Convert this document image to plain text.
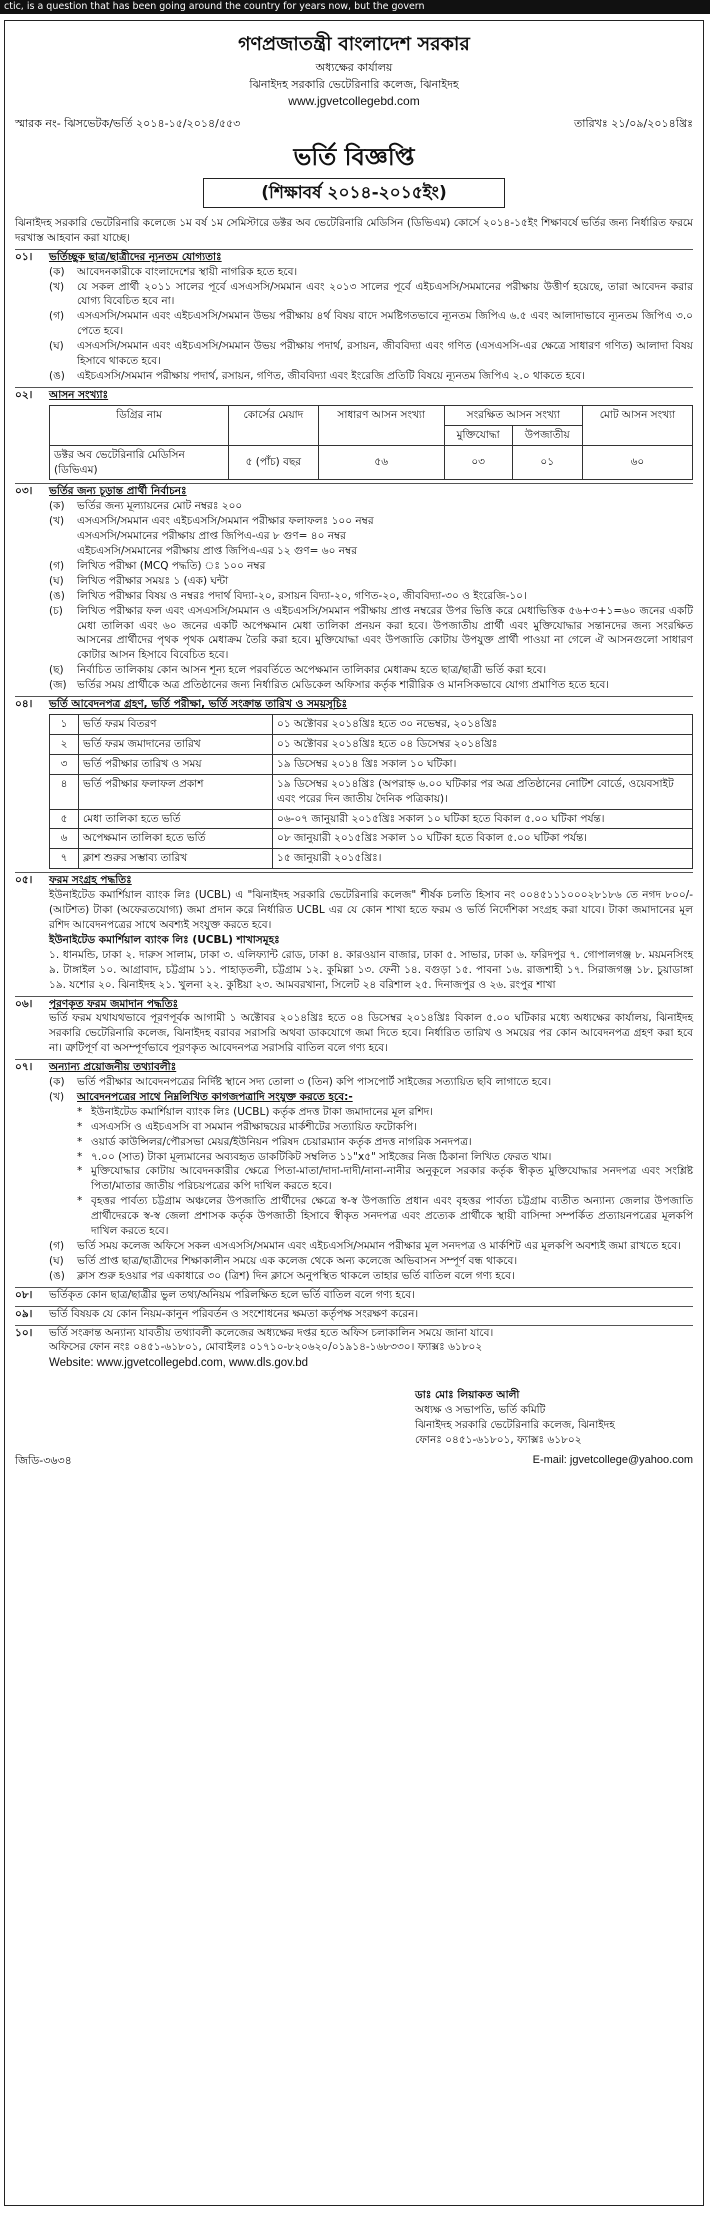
ctic, is a question that has been going around the country for years now, but the govern

গণপ্রজাতন্ত্রী বাংলাদেশ সরকার

অধ্যক্ষের কার্যালয়

ঝিনাইদহ সরকারি ভেটেরিনারি কলেজ, ঝিনাইদহ

www.jgvetcollegebd.com

স্মারক নং- ঝিসভেটক/ভর্তি ২০১৪-১৫/২০১৪/৫৫৩	তারিখঃ ২১/০৯/২০১৪খ্রিঃ
ভর্তি বিজ্ঞপ্তি
(শিক্ষাবর্ষ ২০১৪-২০১৫ইং)

ঝিনাইদহ সরকারি ভেটেরিনারি কলেজে ১ম বর্ষ ১ম সেমিস্টারে ডক্টর অব ভেটেরিনারি মেডিসিন (ডিভিএম) কোর্সে ২০১৪-১৫ইং শিক্ষাবর্ষে ভর্তির জন্য নির্ধারিত ফরমে দরখাস্ত আহবান করা যাচ্ছে।

০১।	ভর্তিচ্ছুক ছাত্র/ছাত্রীদের ন্যূনতম যোগ্যতাঃ
(ক)	আবেদনকারীকে বাংলাদেশের স্থায়ী নাগরিক হতে হবে।
(খ)	যে সকল প্রার্থী ২০১১ সালের পূর্বে এসএসসি/সমমান এবং ২০১৩ সালের পূর্বে এইচএসসি/সমমানের পরীক্ষায় উত্তীর্ণ হয়েছে, তারা আবেদন করার যোগ্য বিবেচিত হবে না।
(গ)	এসএসসি/সমমান এবং এইচএসসি/সমমান উভয় পরীক্ষায় ৪র্থ বিষয় বাদে সমষ্টিগতভাবে ন্যূনতম জিপিএ ৬.৫ এবং আলাদাভাবে ন্যূনতম জিপিএ ৩.০ পেতে হবে।
(ঘ)	এসএসসি/সমমান এবং এইচএসসি/সমমান উভয় পরীক্ষায় পদার্থ, রসায়ন, জীববিদ্যা এবং গণিত (এসএসসি-এর ক্ষেত্রে সাধারণ গণিত) আলাদা বিষয় হিসাবে থাকতে হবে।
(ঙ)	এইচএসসি/সমমান পরীক্ষায় পদার্থ, রসায়ন, গণিত, জীববিদ্যা এবং ইংরেজি প্রতিটি বিষয়ে ন্যূনতম জিপিএ ২.০ থাকতে হবে।
০২।	আসন সংখ্যাঃ
ডিগ্রির নাম	কোর্সের মেয়াদ	সাধারণ আসন সংখ্যা	সংরক্ষিত আসন সংখ্যা		মোট আসন সংখ্যা
			মুক্তিযোদ্ধা	উপজাতীয়	
ডক্টর অব ভেটেরিনারি মেডিসিন (ডিভিএম)	৫ (পাঁচ) বছর	৫৬	০৩	০১	৬০
০৩।	ভর্তির জন্য চূড়ান্ত প্রার্থী নির্বাচনঃ
(ক)	ভর্তির জন্য মূল্যায়নের মোট নম্বরঃ ২০০
(খ)	এসএসসি/সমমান এবং এইচএসসি/সমমান পরীক্ষার ফলাফলঃ ১০০ নম্বর
এসএসসি/সমমানের পরীক্ষায় প্রাপ্ত জিপিএ-এর ৮ গুণ= ৪০ নম্বর
এইচএসসি/সমমানের পরীক্ষায় প্রাপ্ত জিপিএ-এর ১২ গুণ= ৬০ নম্বর
(গ)	লিখিত পরীক্ষা (MCQ পদ্ধতি) ঃ ১০০ নম্বর
(ঘ)	লিখিত পরীক্ষার সময়ঃ ১ (এক) ঘন্টা
(ঙ)	লিখিত পরীক্ষার বিষয় ও নম্বরঃ পদার্থ বিদ্যা-২০, রসায়ন বিদ্যা-২০, গণিত-২০, জীববিদ্যা-৩০ ও ইংরেজি-১০।
(চ)	লিখিত পরীক্ষার ফল এবং এসএসসি/সমমান ও এইচএসসি/সমমান পরীক্ষায় প্রাপ্ত নম্বরের উপর ভিত্তি করে মেধাভিত্তিক ৫৬+৩+১=৬০ জনের একটি মেধা তালিকা এবং ৬০ জনের একটি অপেক্ষমান মেধা তালিকা প্রনয়ন করা হবে। উপজাতীয় প্রার্থী এবং মুক্তিযোদ্ধার সন্তানদের জন্য সংরক্ষিত আসনের প্রার্থীদের পৃথক পৃথক মেধাক্রম তৈরি করা হবে। মুক্তিযোদ্ধা এবং উপজাতি কোটায় উপযুক্ত প্রার্থী পাওয়া না গেলে ঐ আসনগুলো সাধারণ কোটার আসন হিসাবে বিবেচিত হবে।
(ছ)	নির্বাচিত তালিকায় কোন আসন শূন্য হলে পরবর্তিতে অপেক্ষমান তালিকার মেধাক্রম হতে ছাত্র/ছাত্রী ভর্তি করা হবে।
(জ) ভর্তির সময় প্রার্থীকে অত্র প্রতিষ্ঠানের জন্য নির্ধারিত মেডিকেল অফিসার কর্তৃক শারীরিক ও মানসিকভাবে যোগ্য প্রমাণিত হতে হবে।
০৪।	ভর্তি আবেদনপত্র গ্রহণ, ভর্তি পরীক্ষা, ভর্তি সংক্রান্ত তারিখ ও সময়সূচিঃ
১	ভর্তি ফরম বিতরণ	০১ অক্টোবর ২০১৪খ্রিঃ হতে ৩০ নভেম্বর, ২০১৪খ্রিঃ
২	ভর্তি ফরম জমাদানের তারিখ	০১ অক্টোবর ২০১৪খ্রিঃ হতে ০৪ ডিসেম্বর ২০১৪খ্রিঃ
৩	ভর্তি পরীক্ষার তারিখ ও সময়	১৯ ডিসেম্বর ২০১৪ খ্রিঃ সকাল ১০ ঘটিকা।
৪	ভর্তি পরীক্ষার ফলাফল প্রকাশ	১৯ ডিসেম্বর ২০১৪খ্রিঃ (অপরাহ্ন ৬.০০ ঘটিকার পর অত্র প্রতিষ্ঠানের নোটিশ বোর্ডে, ওয়েবসাইট এবং পরের দিন জাতীয় দৈনিক পত্রিকায়)।
৫	মেধা তালিকা হতে ভর্তি	০৬-০৭ জানুয়ারী ২০১৫খ্রিঃ সকাল ১০ ঘটিকা হতে বিকাল ৫.০০ ঘটিকা পর্যন্ত।
৬	অপেক্ষমান তালিকা হতে ভর্তি	০৮ জানুয়ারী ২০১৫খ্রিঃ সকাল ১০ ঘটিকা হতে বিকাল ৫.০০ ঘটিকা পর্যন্ত।
৭	ক্লাশ শুরুর সম্ভাব্য তারিখ	১৫ জানুয়ারী ২০১৫খ্রিঃ।
০৫।	ফরম সংগ্রহ পদ্ধতিঃ

ইউনাইটেড কমার্শিয়াল ব্যাংক লিঃ (UCBL) এ "ঝিনাইদহ সরকারি ভেটেরিনারি কলেজ" শীর্ষক চলতি হিসাব নং ০০৪৫১১১০০০২৮১৮৬ তে নগদ ৮০০/- (আটশত) টাকা (অফেরতযোগ্য) জমা প্রদান করে নির্ধারিত UCBL এর যে কোন শাখা হতে ফরম ও ভর্তি নির্দেশিকা সংগ্রহ করা যাবে। টাকা জমাদানের মূল রশিদ আবেদনপত্রের সাথে অবশ্যই সংযুক্ত করতে হবে।

ইউনাইটেড কমার্শিয়াল ব্যাংক লিঃ (UCBL) শাখাসমূহঃ

১. ধানমন্ডি, ঢাকা ২. দারুস সালাম, ঢাকা ৩. এলিফ্যান্ট রোড, ঢাকা ৪. কারওয়ান বাজার, ঢাকা ৫. সাভার, ঢাকা ৬. ফরিদপুর ৭. গোপালগঞ্জ ৮. ময়মনসিংহ ৯. টাঙ্গাইল ১০. আগ্রাবাদ, চট্টগ্রাম ১১. পাহাড়তলী, চট্টগ্রাম ১২. কুমিল্লা ১৩. ফেনী ১৪. বগুড়া ১৫. পাবনা ১৬. রাজশাহী ১৭. সিরাজগঞ্জ ১৮. চুয়াডাঙ্গা ১৯. যশোর ২০. ঝিনাইদহ ২১. খুলনা ২২. কুষ্টিয়া ২৩. আমবরখানা, সিলেট ২৪ বরিশাল ২৫. দিনাজপুর ও ২৬. রংপুর শাখা

০৬।	পূরণকৃত ফরম জমাদান পদ্ধতিঃ

ভর্তি ফরম যথাযথভাবে পূরণপূর্বক আগামী ১ অক্টোবর ২০১৪খ্রিঃ হতে ০৪ ডিসেম্বর ২০১৪খ্রিঃ বিকাল ৫.০০ ঘটিকার মধ্যে অধ্যক্ষের কার্যালয়, ঝিনাইদহ সরকারি ভেটেরিনারি কলেজ, ঝিনাইদহ বরাবর সরাসরি অথবা ডাকযোগে জমা দিতে হবে। নির্ধারিত তারিখ ও সময়ের পর কোন আবেদনপত্র গ্রহণ করা হবে না। ত্রুটিপূর্ণ বা অসম্পূর্ণভাবে পূরণকৃত আবেদনপত্র সরাসরি বাতিল বলে গণ্য হবে।

০৭।	অন্যান্য প্রয়োজনীয় তথ্যাবলীঃ
(ক)	ভর্তি পরীক্ষার আবেদনপত্রের নির্দিষ্ট স্থানে সদ্য তোলা ৩ (তিন) কপি পাসপোর্ট সাইজের সত্যায়িত ছবি লাগাতে হবে।
(খ)	আবেদনপত্রের সাথে নিম্নলিখিত কাগজপত্রাদি সংযুক্ত করতে হবে:-
* ইউনাইটেড কমার্শিয়াল ব্যাংক লিঃ (UCBL) কর্তৃক প্রদত্ত টাকা জমাদানের মূল রশিদ।
* এসএসসি ও এইচএসসি বা সমমান পরীক্ষাদ্বয়ের মার্কশীটের সত্যায়িত ফটোকপি।
* ওয়ার্ড কাউন্সিলর/পৌরসভা মেয়র/ইউনিয়ন পরিষদ চেয়ারম্যান কর্তৃক প্রদত্ত নাগরিক সনদপত্র।
* ৭.০০ (সাত) টাকা মূল্যমানের অব্যবহৃত ডাকটিকিট সম্বলিত ১১"x৫" সাইজের নিজ ঠিকানা লিখিত ফেরত খাম।
* মুক্তিযোদ্ধার কোটায় আবেদনকারীর ক্ষেত্রে পিতা-মাতা/দাদা-দাদী/নানা-নানীর অনুকূলে সরকার কর্তৃক স্বীকৃত মুক্তিযোদ্ধার সনদপত্র এবং সংশ্লিষ্ট পিতা/মাতার জাতীয় পরিচয়পত্রের কপি দাখিল করতে হবে।
* বৃহত্তর পার্বত্য চট্টগ্রাম অঞ্চলের উপজাতি প্রার্থীদের ক্ষেত্রে স্ব-স্ব উপজাতি প্রধান এবং বৃহত্তর পার্বত্য চট্টগ্রাম ব্যতীত অন্যান্য জেলার উপজাতি প্রার্থীদেরকে স্ব-স্ব জেলা প্রশাসক কর্তৃক উপজাতী হিসাবে স্বীকৃত সনদপত্র এবং প্রত্যেক প্রার্থীকে স্থায়ী বাসিন্দা সম্পর্কিত প্রত্যায়নপত্রের মূলকপি দাখিল করতে হবে।
(গ)	ভর্তি সময় কলেজ অফিসে সকল এসএসসি/সমমান এবং এইচএসসি/সমমান পরীক্ষার মূল সনদপত্র ও মার্কশিট এর মূলকপি অবশ্যই জমা রাখতে হবে।
(ঘ)	ভর্তি প্রাপ্ত ছাত্র/ছাত্রীদের শিক্ষাকালীন সময়ে এক কলেজ থেকে অন্য কলেজে অভিবাসন সম্পূর্ণ বন্ধ থাকবে।
(ঙ)	ক্লাস শুরু হওয়ার পর একাধারে ৩০ (ত্রিশ) দিন ক্লাসে অনুপস্থিত থাকলে তাহার ভর্তি বাতিল বলে গণ্য হবে।
০৮।	ভর্তিকৃত কোন ছাত্র/ছাত্রীর ভুল তথ্য/অনিয়ম পরিলক্ষিত হলে ভর্তি বাতিল বলে গণ্য হবে।
০৯।	ভর্তি বিষয়ক যে কোন নিয়ম-কানুন পরিবর্তন ও সংশোধনের ক্ষমতা কর্তৃপক্ষ সংরক্ষণ করেন।
১০।	ভর্তি সংক্রান্ত অন্যান্য যাবতীয় তথ্যাবলী কলেজের অধ্যক্ষের দপ্তর হতে অফিস চলাকালিন সময়ে জানা যাবে।

অফিসের ফোন নংঃ ০৪৫১-৬১৮০১, মোবাইলঃ ০১৭১০-৮২০৬২০/০১৯১৪-১৬৮৩৩০। ফ্যাক্সঃ ৬১৮০২

Website: www.jgvetcollegebd.com, www.dls.gov.bd

ডাঃ মোঃ লিয়াকত আলী

অধ্যক্ষ ও সভাপতি, ভর্তি কমিটি

ঝিনাইদহ সরকারি ভেটেরিনারি কলেজ, ঝিনাইদহ

ফোনঃ ০৪৫১-৬১৮০১, ফ্যাক্সঃ ৬১৮০২

জিডি-৩৬৩৪	E-mail: jgvetcollege@yahoo.com
